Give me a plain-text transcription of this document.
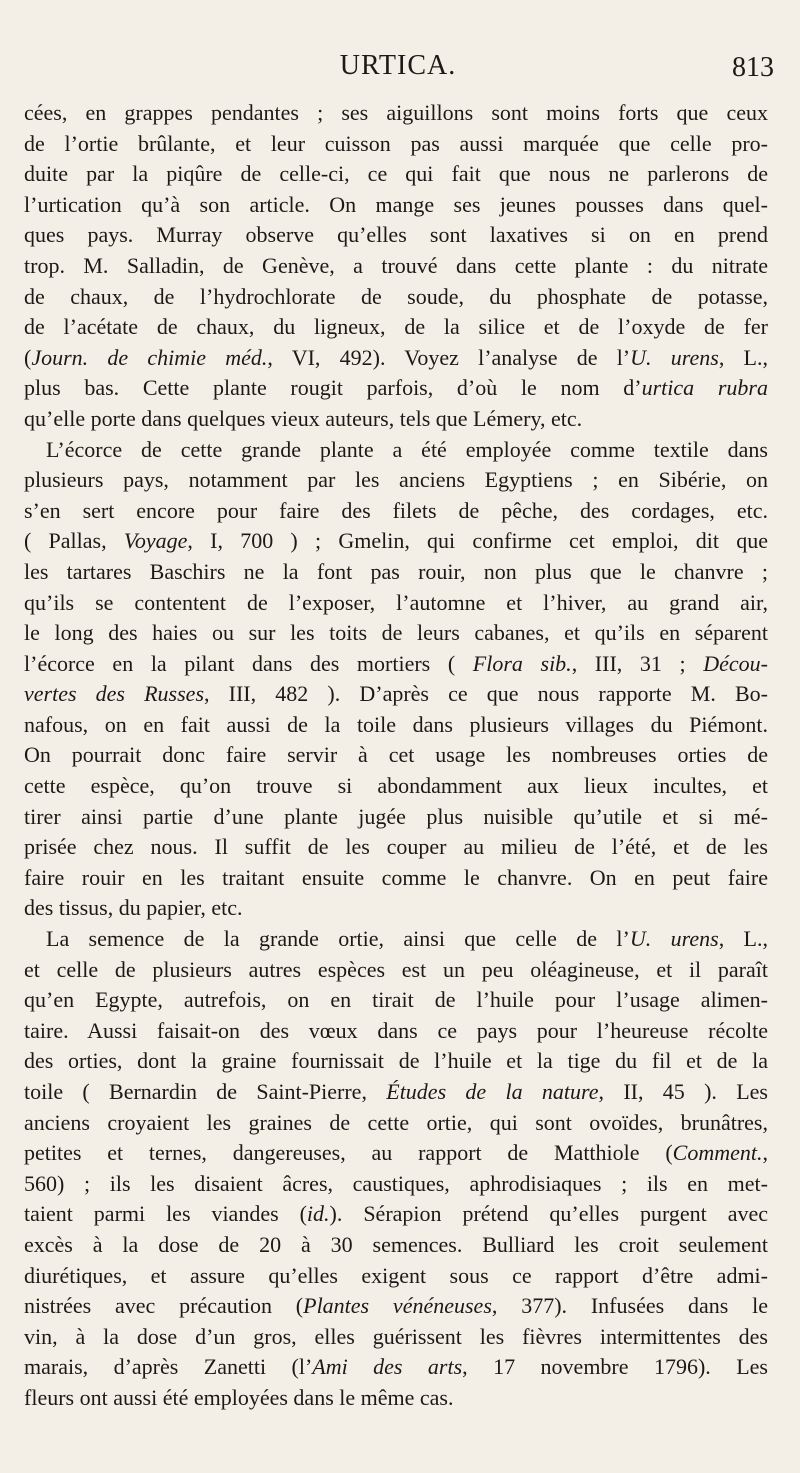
URTICA.	813
cées, en grappes pendantes ; ses aiguillons sont moins forts que ceux
de l’ortie brûlante, et leur cuisson pas aussi marquée que celle pro-
duite par la piqûre de celle-ci, ce qui fait que nous ne parlerons de
l’urtication qu’à son article. On mange ses jeunes pousses dans quel-
ques pays. Murray observe qu’elles sont laxatives si on en prend
trop. M. Salladin, de Genève, a trouvé dans cette plante : du nitrate
de chaux, de l’hydrochlorate de soude, du phosphate de potasse,
de l’acétate de chaux, du ligneux, de la silice et de l’oxyde de fer
(Journ. de chimie méd., VI, 492). Voyez l’analyse de l’U. urens, L.,
plus bas. Cette plante rougit parfois, d’où le nom d’urtica rubra
qu’elle porte dans quelques vieux auteurs, tels que Lémery, etc.
L’écorce de cette grande plante a été employée comme textile dans
plusieurs pays, notamment par les anciens Egyptiens ; en Sibérie, on
s’en sert encore pour faire des filets de pêche, des cordages, etc.
( Pallas, Voyage, I, 700 ) ; Gmelin, qui confirme cet emploi, dit que
les tartares Baschirs ne la font pas rouir, non plus que le chanvre ;
qu’ils se contentent de l’exposer, l’automne et l’hiver, au grand air,
le long des haies ou sur les toits de leurs cabanes, et qu’ils en séparent
l’écorce en la pilant dans des mortiers ( Flora sib., III, 31 ; Décou-
vertes des Russes, III, 482 ). D’après ce que nous rapporte M. Bo-
nafous, on en fait aussi de la toile dans plusieurs villages du Piémont.
On pourrait donc faire servir à cet usage les nombreuses orties de
cette espèce, qu’on trouve si abondamment aux lieux incultes, et
tirer ainsi partie d’une plante jugée plus nuisible qu’utile et si mé-
prisée chez nous. Il suffit de les couper au milieu de l’été, et de les
faire rouir en les traitant ensuite comme le chanvre. On en peut faire
des tissus, du papier, etc.
La semence de la grande ortie, ainsi que celle de l’U. urens, L.,
et celle de plusieurs autres espèces est un peu oléagineuse, et il paraît
qu’en Egypte, autrefois, on en tirait de l’huile pour l’usage alimen-
taire. Aussi faisait-on des vœux dans ce pays pour l’heureuse récolte
des orties, dont la graine fournissait de l’huile et la tige du fil et de la
toile ( Bernardin de Saint-Pierre, Études de la nature, II, 45 ). Les
anciens croyaient les graines de cette ortie, qui sont ovoïdes, brunâtres,
petites et ternes, dangereuses, au rapport de Matthiole (Comment.,
560) ; ils les disaient âcres, caustiques, aphrodisiaques ; ils en met-
taient parmi les viandes (id.). Sérapion prétend qu’elles purgent avec
excès à la dose de 20 à 30 semences. Bulliard les croit seulement
diurétiques, et assure qu’elles exigent sous ce rapport d’être admi-
nistrées avec précaution (Plantes vénéneuses, 377). Infusées dans le
vin, à la dose d’un gros, elles guérissent les fièvres intermittentes des
marais, d’après Zanetti (l’Ami des arts, 17 novembre 1796). Les
fleurs ont aussi été employées dans le même cas.
